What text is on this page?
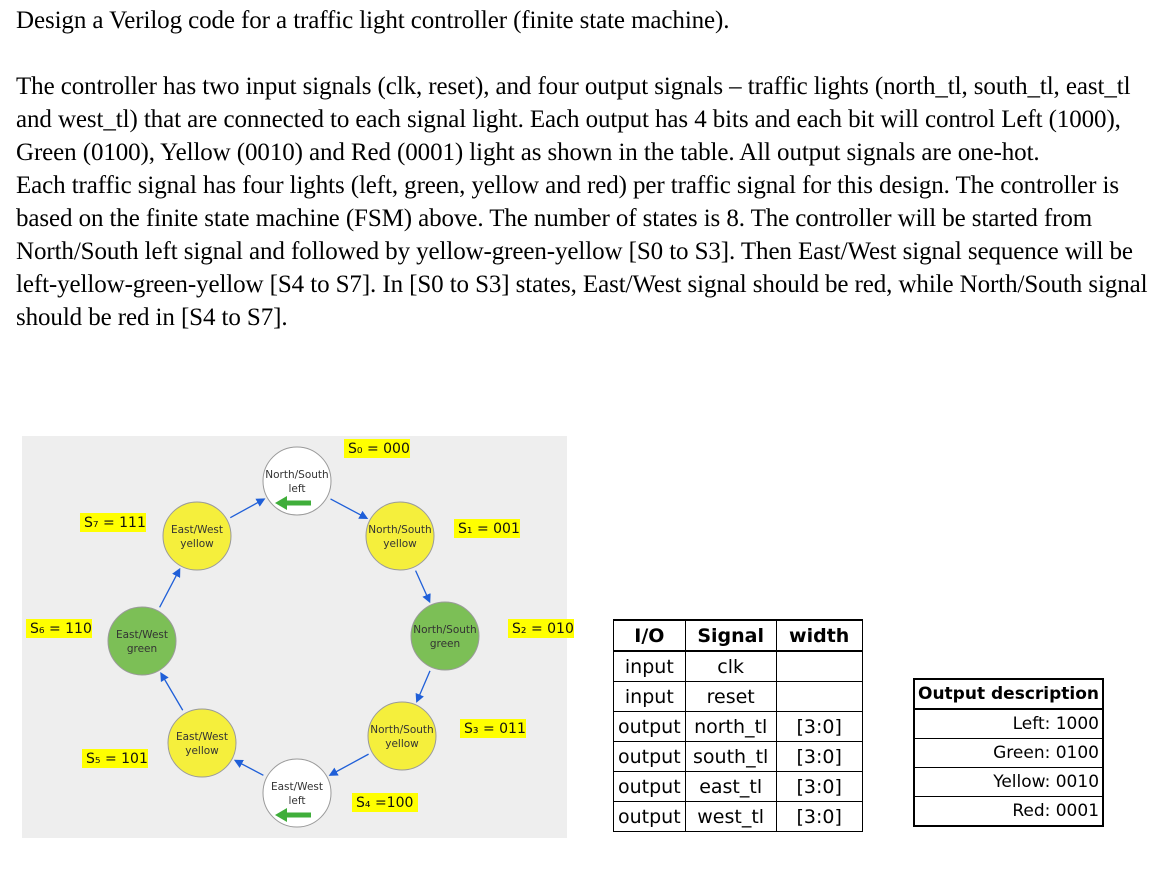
Design a Verilog code for a traffic light controller (finite state machine).

The controller has two input signals (clk, reset), and four output signals – traffic lights (north_tl, south_tl, east_tl and west_tl) that are connected to each signal light. Each output has 4 bits and each bit will control Left (1000), Green (0100), Yellow (0010) and Red (0001) light as shown in the table. All output signals are one-hot.

Each traffic signal has four lights (left, green, yellow and red) per traffic signal for this design. The controller is based on the finite state machine (FSM) above. The number of states is 8. The controller will be started from North/South left signal and followed by yellow-green-yellow [S0 to S3]. Then East/West signal sequence will be left-yellow-green-yellow [S4 to S7]. In [S0 to S3] states, East/West signal should be red, while North/South signal should be red in [S4 to S7].

North/South
left
S₀ = 000
North/South
yellow
S₁ = 001
North/South
green
S₂ = 010
North/South
yellow
S₃ = 011
East/West
left	S₄ =100
East/West
yellow
S₅ = 101
East/West
green
S₆ = 110
East/West
yellow
S₇ = 111
I/O	Signal	width
input	clk	
input	reset	
output	north_tl	[3:0]
output	south_tl	[3:0]
output	east_tl	[3:0]
output	west_tl	[3:0]
Output description
Left: 1000
Green: 0100
Yellow: 0010
Red: 0001
